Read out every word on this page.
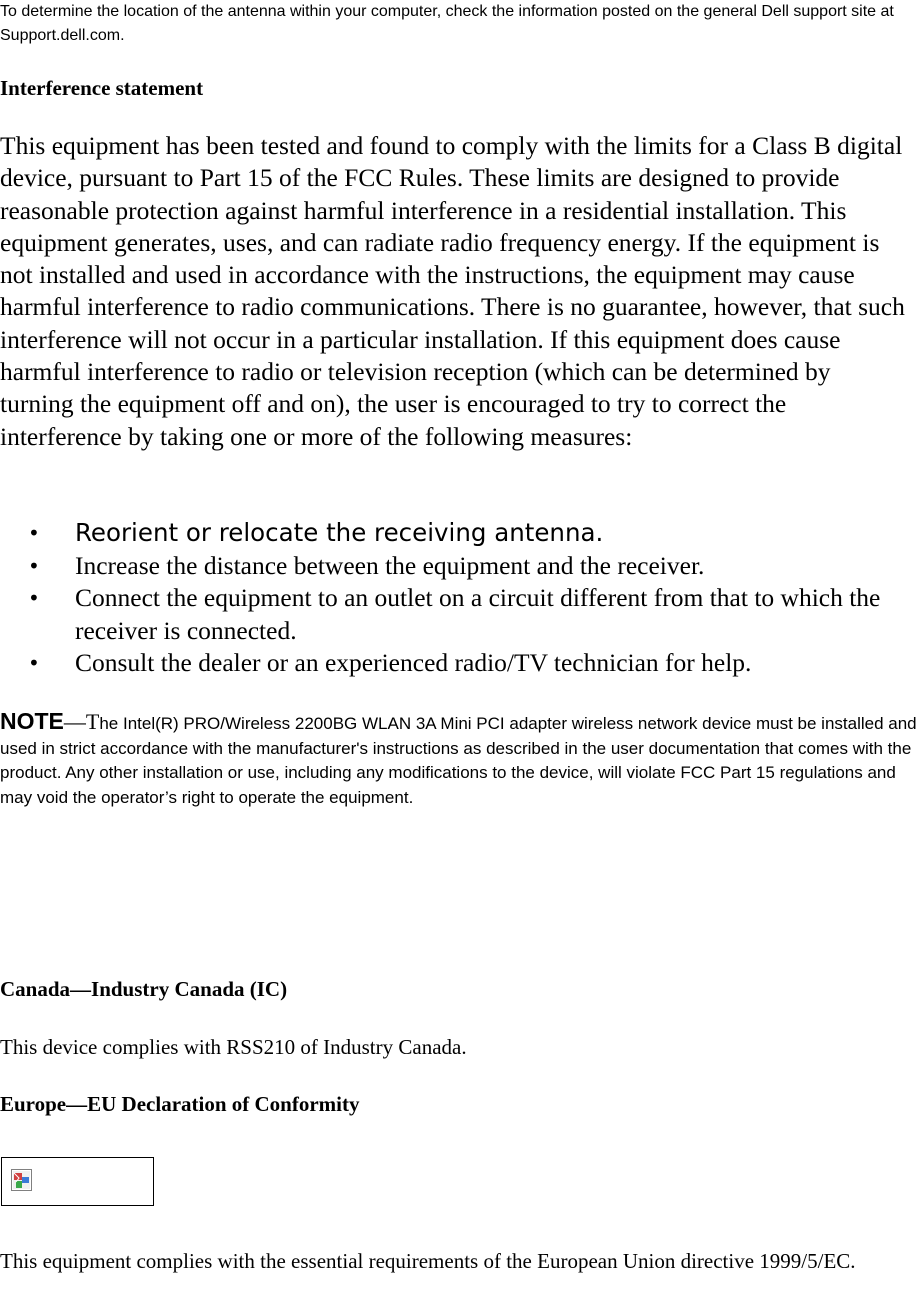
To determine the location of the antenna within your computer, check the information posted on the general Dell support site at Support.dell.com.

Interference statement

This equipment has been tested and found to comply with the limits for a Class B digital device, pursuant to Part 15 of the FCC Rules. These limits are designed to provide reasonable protection against harmful interference in a residential installation. This equipment generates, uses, and can radiate radio frequency energy. If the equipment is not installed and used in accordance with the instructions, the equipment may cause harmful interference to radio communications. There is no guarantee, however, that such interference will not occur in a particular installation. If this equipment does cause harmful interference to radio or television reception (which can be determined by turning the equipment off and on), the user is encouraged to try to correct the interference by taking one or more of the following measures:

• Reorient or relocate the receiving antenna.
• Increase the distance between the equipment and the receiver.
• Connect the equipment to an outlet on a circuit different from that to which the receiver is connected.
• Consult the dealer or an experienced radio/TV technician for help.

NOTE—The Intel(R) PRO/Wireless 2200BG WLAN 3A Mini PCI adapter wireless network device must be installed and used in strict accordance with the manufacturer's instructions as described in the user documentation that comes with the product. Any other installation or use, including any modifications to the device, will violate FCC Part 15 regulations and may void the operator’s right to operate the equipment.

Canada—Industry Canada (IC)

This device complies with RSS210 of Industry Canada.

Europe—EU Declaration of Conformity

This equipment complies with the essential requirements of the European Union directive 1999/5/EC.
